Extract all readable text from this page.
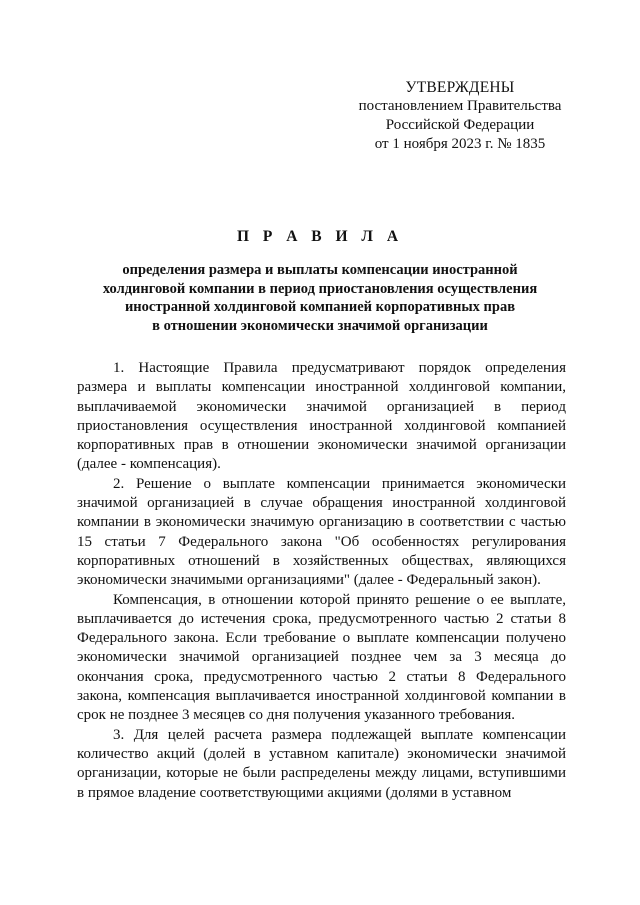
УТВЕРЖДЕНЫ
постановлением Правительства
Российской Федерации
от 1 ноября 2023 г. № 1835
П Р А В И Л А

определения размера и выплаты компенсации иностранной

холдинговой компании в период приостановления осуществления

иностранной холдинговой компанией корпоративных прав

в отношении экономически значимой организации

1. Настоящие Правила предусматривают порядок определения размера и выплаты компенсации иностранной холдинговой компании, выплачиваемой экономически значимой организацией в период приостановления осуществления иностранной холдинговой компанией корпоративных прав в отношении экономически значимой организации (далее - компенсация).

2. Решение о выплате компенсации принимается экономически значимой организацией в случае обращения иностранной холдинговой компании в экономически значимую организацию в соответствии с частью 15 статьи 7 Федерального закона "Об особенностях регулирования корпоративных отношений в хозяйственных обществах, являющихся экономически значимыми организациями" (далее - Федеральный закон).

Компенсация, в отношении которой принято решение о ее выплате, выплачивается до истечения срока, предусмотренного частью 2 статьи 8 Федерального закона. Если требование о выплате компенсации получено экономически значимой организацией позднее чем за 3 месяца до окончания срока, предусмотренного частью 2 статьи 8 Федерального закона, компенсация выплачивается иностранной холдинговой компании в срок не позднее 3 месяцев со дня получения указанного требования.

3. Для целей расчета размера подлежащей выплате компенсации количество акций (долей в уставном капитале) экономически значимой организации, которые не были распределены между лицами, вступившими в прямое владение соответствующими акциями (долями в уставном
